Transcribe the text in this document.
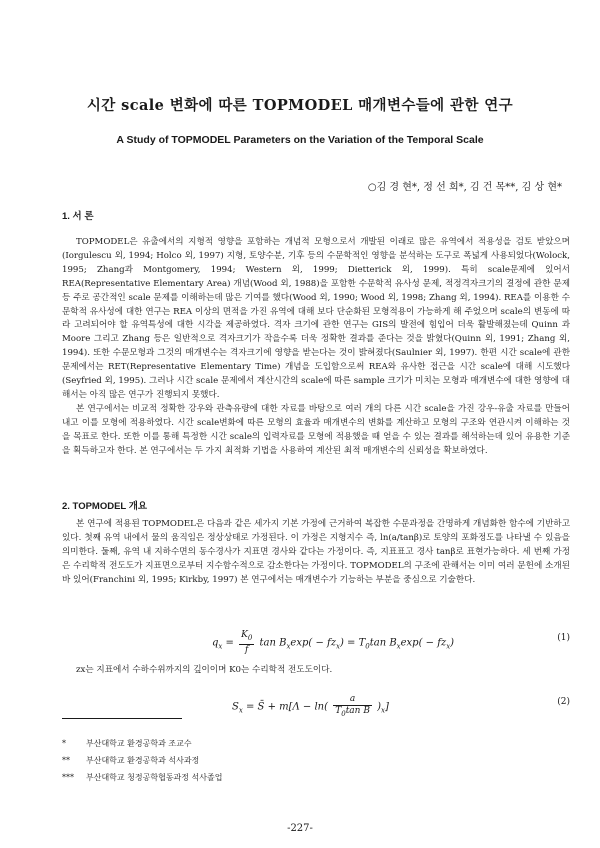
시간 scale 변화에 따른 TOPMODEL 매개변수들에 관한 연구
A Study of TOPMODEL Parameters on the Variation of the Temporal Scale
○김 경 현*, 정 선 희*, 김 건 목**, 김 상 현*
1. 서 론

TOPMODEL은 유출에서의 지형적 영향을 포함하는 개념적 모형으로서 개발된 이래로 많은 유역에서 적용성을 검토 받았으며(Iorgulescu 외, 1994; Holco 외, 1997) 지형, 토양수분, 기후 등의 수문학적인 영향을 분석하는 도구로 폭넓게 사용되었다(Wolock, 1995; Zhang과 Montgomery, 1994; Western 외, 1999; Dietterick 외, 1999). 특히 scale문제에 있어서 REA(Representative Elementary Area) 개념(Wood 외, 1988)을 포함한 수문학적 유사성 문제, 적정격자크기의 결정에 관한 문제 등 주로 공간적인 scale 문제를 이해하는데 많은 기여를 했다(Wood 외, 1990; Wood 외, 1998; Zhang 외, 1994). REA를 이용한 수문학적 유사성에 대한 연구는 REA 이상의 면적을 가진 유역에 대해 보다 단순화된 모형적용이 가능하게 해 주었으며 scale의 변동에 따라 고려되어야 할 유역특성에 대한 시각을 제공하였다. 격자 크기에 관한 연구는 GIS의 발전에 힘입어 더욱 활발해졌는데 Quinn 과 Moore 그리고 Zhang 등은 일반적으로 격자크기가 작을수록 더욱 정확한 결과를 준다는 것을 밝혔다(Quinn 외, 1991; Zhang 외, 1994). 또한 수문모형과 그것의 매개변수는 격자크기에 영향을 받는다는 것이 밝혀졌다(Saulnier 외, 1997). 한편 시간 scale에 관한 문제에서는 RET(Representative Elementary Time) 개념을 도입함으로써 REA와 유사한 접근을 시간 scale에 대해 시도했다(Seyfried 외, 1995). 그러나 시간 scale 문제에서 계산시간의 scale에 따른 sample 크기가 미치는 모형과 매개변수에 대한 영향에 대해서는 아직 많은 연구가 진행되지 못했다.

본 연구에서는 비교적 정확한 강우와 관측유량에 대한 자료를 바탕으로 여러 개의 다른 시간 scale을 가진 강우-유출 자료를 만들어 내고 이를 모형에 적용하였다. 시간 scale변화에 따른 모형의 효율과 매개변수의 변화를 계산하고 모형의 구조와 연관시켜 이해하는 것을 목표로 한다. 또한 이를 통해 특정한 시간 scale의 입력자료를 모형에 적용했을 때 얻을 수 있는 결과를 해석하는데 있어 유용한 기준을 획득하고자 한다. 본 연구에서는 두 가지 최적화 기법을 사용하여 계산된 최적 매개변수의 신뢰성을 확보하였다.

2. TOPMODEL 개요

본 연구에 적용된 TOPMODEL은 다음과 같은 세가지 기본 가정에 근거하여 복잡한 수문과정을 간명하게 개념화한 함수에 기반하고 있다. 첫째 유역 내에서 물의 움직임은 정상상태로 가정된다. 이 가정은 지형지수 즉, ln(a/tanβ)로 토양의 포화정도를 나타낼 수 있음을 의미한다. 둘째, 유역 내 지하수면의 동수경사가 지표면 경사와 같다는 가정이다. 즉, 지표표고 경사 tanβ로 표현가능하다. 세 번째 가정은 수리학적 전도도가 지표면으로부터 지수함수적으로 감소한다는 가정이다. TOPMODEL의 구조에 관해서는 이미 여러 문헌에 소개된 바 있어(Franchini 외, 1995; Kirkby, 1997) 본 연구에서는 매개변수가 기능하는 부분을 중심으로 기술한다.

$q_x = \frac{K_0}{f}$ $\tan B_x\exp( - fz_x) = T_0\tan$ $B_x\exp( - fz_x)$	(1)
zx는 지표에서 수하수위까지의 깊이이며 K0는 수리학적 전도도이다.
$S_x$ = S̄ + $m[\Lambda - \ln( \frac{a}{T_0\tan B} )_x]$	(2)
*	부산대학교 환경공학과 조교수
** 부산대학교 환경공학과 석사과정
*** 부산대학교 청정공학협동과정 석사졸업
-227-
